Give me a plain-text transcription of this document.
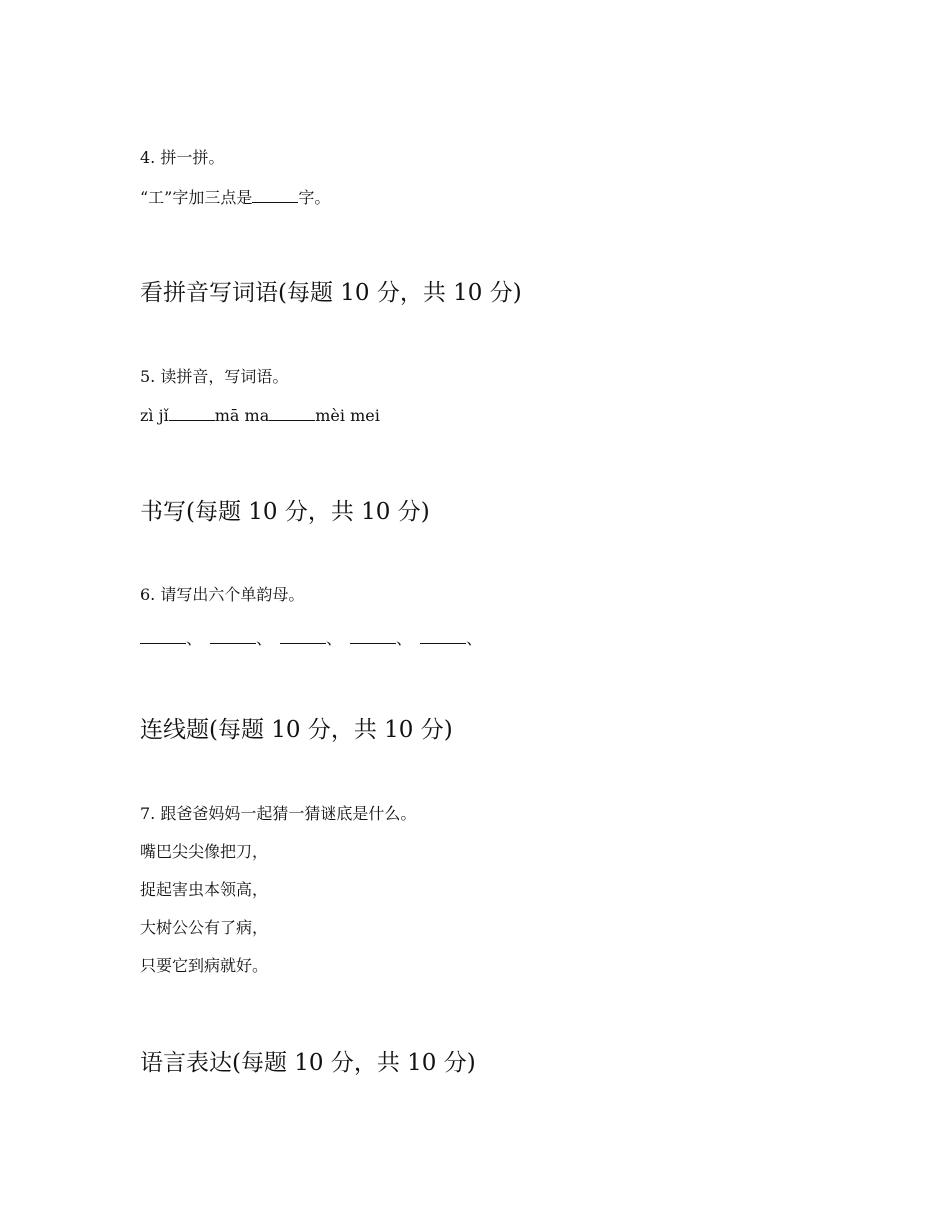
4. 拼一拼。
“工”字加三点是	字。
看拼音写词语(每题 10 分，共 10 分)
5. 读拼音，写词语。
zì jǐ	mā ma	mèi mei
书写(每题 10 分，共 10 分)
6. 请写出六个单韵母。
、	、	、	、	、
连线题(每题 10 分，共 10 分)
7. 跟爸爸妈妈一起猜一猜谜底是什么。
嘴巴尖尖像把刀，
捉起害虫本领高，
大树公公有了病，
只要它到病就好。
语言表达(每题 10 分，共 10 分)
